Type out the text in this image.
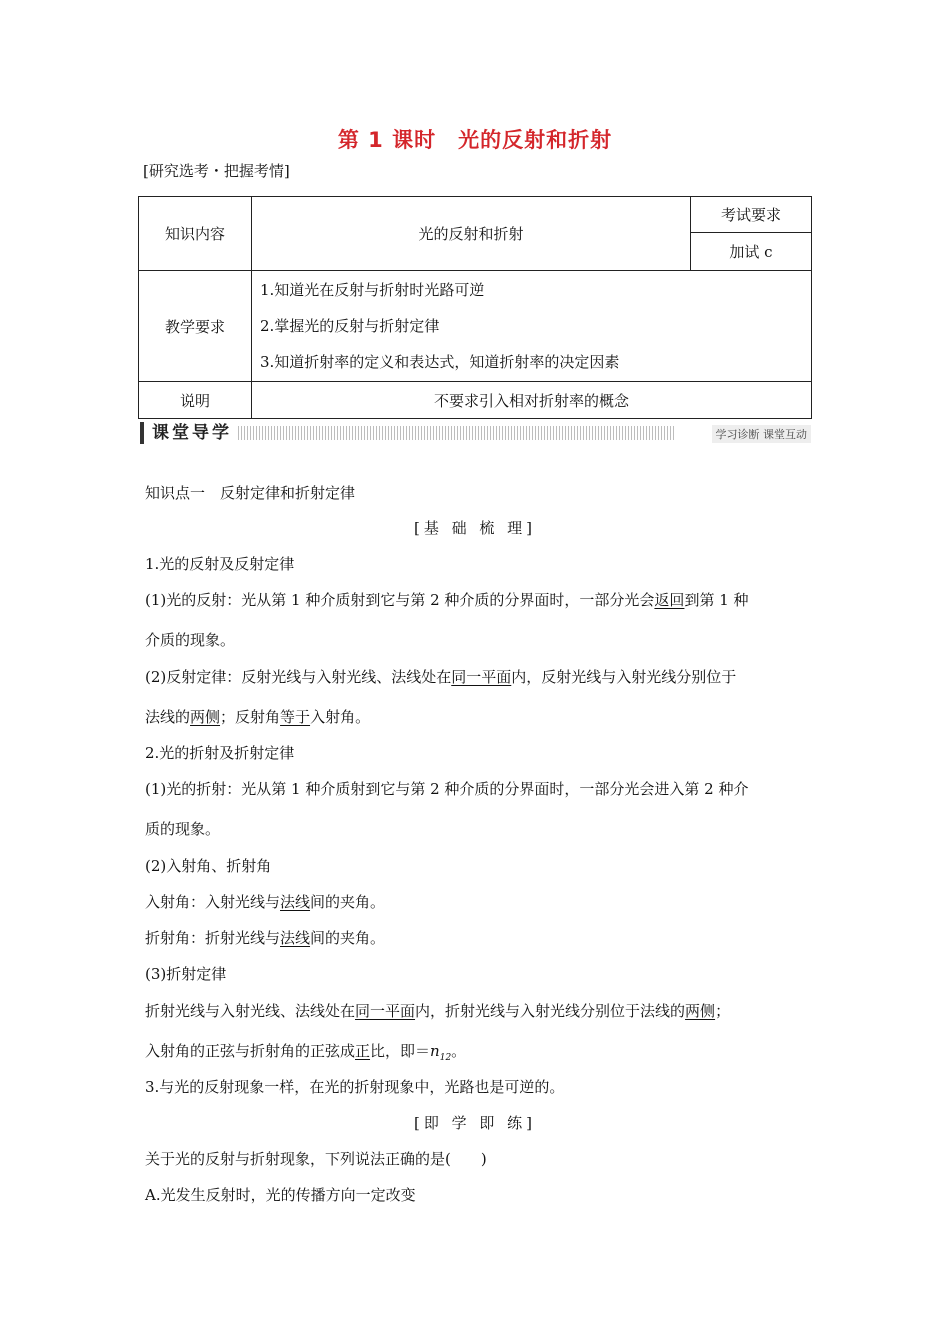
第 1 课时　光的反射和折射
[研究选考・把握考情]
知识内容	光的反射和折射	考试要求
		加试 c
教学要求	1.知道光在反射与折射时光路可逆
2.掌握光的反射与折射定律
3.知道折射率的定义和表达式，知道折射率的决定因素	

说明	不要求引入相对折射率的概念	
课堂导学	学习诊断 课堂互动
知识点一　反射定律和折射定律
[基 础 梳 理]
1.光的反射及反射定律
(1)光的反射：光从第 1 种介质射到它与第 2 种介质的分界面时，一部分光会返回到第 1 种
介质的现象。
(2)反射定律：反射光线与入射光线、法线处在同一平面内，反射光线与入射光线分别位于
法线的两侧；反射角等于入射角。
2.光的折射及折射定律
(1)光的折射：光从第 1 种介质射到它与第 2 种介质的分界面时，一部分光会进入第 2 种介
质的现象。
(2)入射角、折射角
入射角：入射光线与法线间的夹角。
折射角：折射光线与法线间的夹角。
(3)折射定律
折射光线与入射光线、法线处在同一平面内，折射光线与入射光线分别位于法线的两侧；
入射角的正弦与折射角的正弦成正比，即$=n_{12}$。
3.与光的反射现象一样，在光的折射现象中，光路也是可逆的。
[即 学 即 练]
关于光的反射与折射现象，下列说法正确的是(　　)
A.光发生反射时，光的传播方向一定改变
